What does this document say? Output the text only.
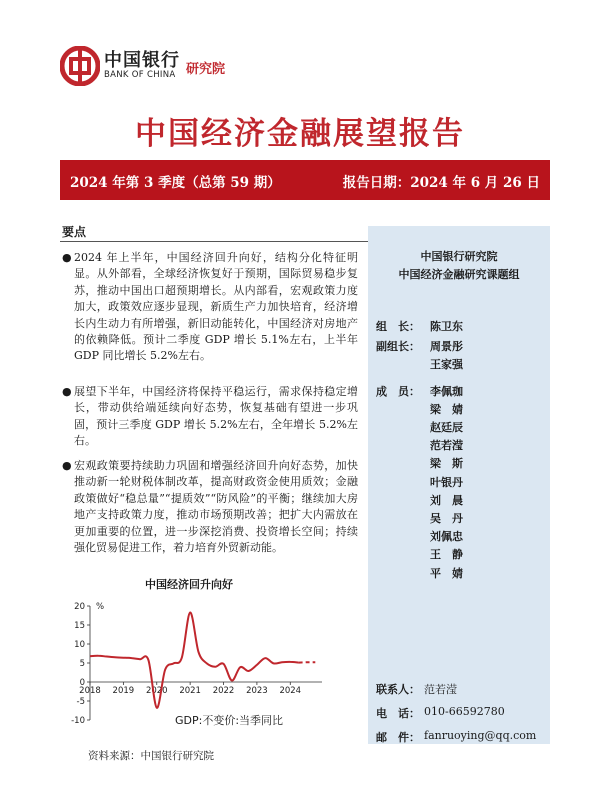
中国银行
BANK OF CHINA 研究院
中国经济金融展望报告
2024 年第 3 季度（总第 59 期）	报告日期：2024 年 6 月 26 日
要点
● 2024 年上半年，中国经济回升向好，结构分化特征明显。从外部看，全球经济恢复好于预期，国际贸易稳步复苏，推动中国出口超预期增长。从内部看，宏观政策力度加大，政策效应逐步显现，新质生产力加快培育，经济增长内生动力有所增强，新旧动能转化，中国经济对房地产的依赖降低。预计二季度 GDP 增长 5.1%左右，上半年 GDP 同比增长 5.2%左右。
● 展望下半年，中国经济将保持平稳运行，需求保持稳定增长，带动供给端延续向好态势，恢复基础有望进一步巩固，预计三季度 GDP 增长 5.2%左右，全年增长 5.2%左右。
● 宏观政策要持续助力巩固和增强经济回升向好态势，加快推动新一轮财税体制改革，提高财政资金使用质效；金融政策做好“稳总量”“提质效”“防风险”的平衡；继续加大房地产支持政策力度，推动市场预期改善；把扩大内需放在更加重要的位置，进一步深挖消费、投资增长空间；持续强化贸易促进工作，着力培育外贸新动能。
中国经济回升向好
-10
-5
0
5
10
15
20 %
2018 2019 2020 2021 2022 2023 2024
GDP:不变价:当季同比
资料来源：中国银行研究院
中国银行研究院
中国经济金融研究课题组
组　长： 陈卫东
副组长： 周景彤
王家强
成　员： 李佩珈
梁　婧
赵廷辰
范若滢
梁　斯
叶银丹
刘　晨
吴　丹
刘佩忠
王　静
平　婧
联系人： 范若滢
电　话： 010-66592780
邮　件： fanruoying@qq.com
